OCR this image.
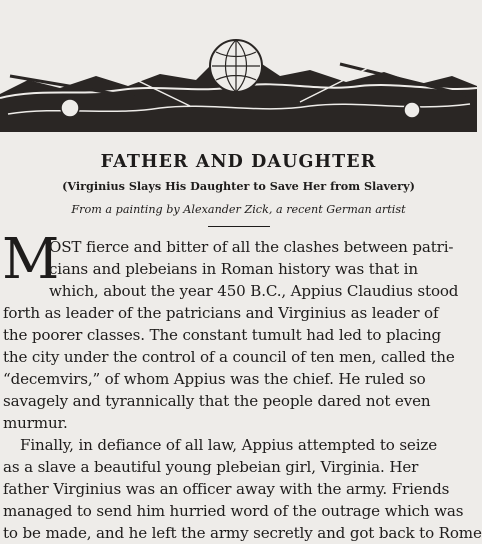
FATHER AND DAUGHTER

(Virginius Slays His Daughter to Save Her from Slavery)

From a painting by Alexander Zick, a recent German artist

M
OST fierce and bitter of all the clashes between patri-
cians and plebeians in Roman history was that in
which, about the year 450 B.C., Appius Claudius stood
forth as leader of the patricians and Virginius as leader of
the poorer classes. The constant tumult had led to placing
the city under the control of a council of ten men, called the
“decemvirs,” of whom Appius was the chief. He ruled so
savagely and tyrannically that the people dared not even
murmur.
Finally, in defiance of all law, Appius attempted to seize
as a slave a beautiful young plebeian girl, Virginia. Her
father Virginius was an officer away with the army. Friends
managed to send him hurried word of the outrage which was
to be made, and he left the army secretly and got back to Rome
